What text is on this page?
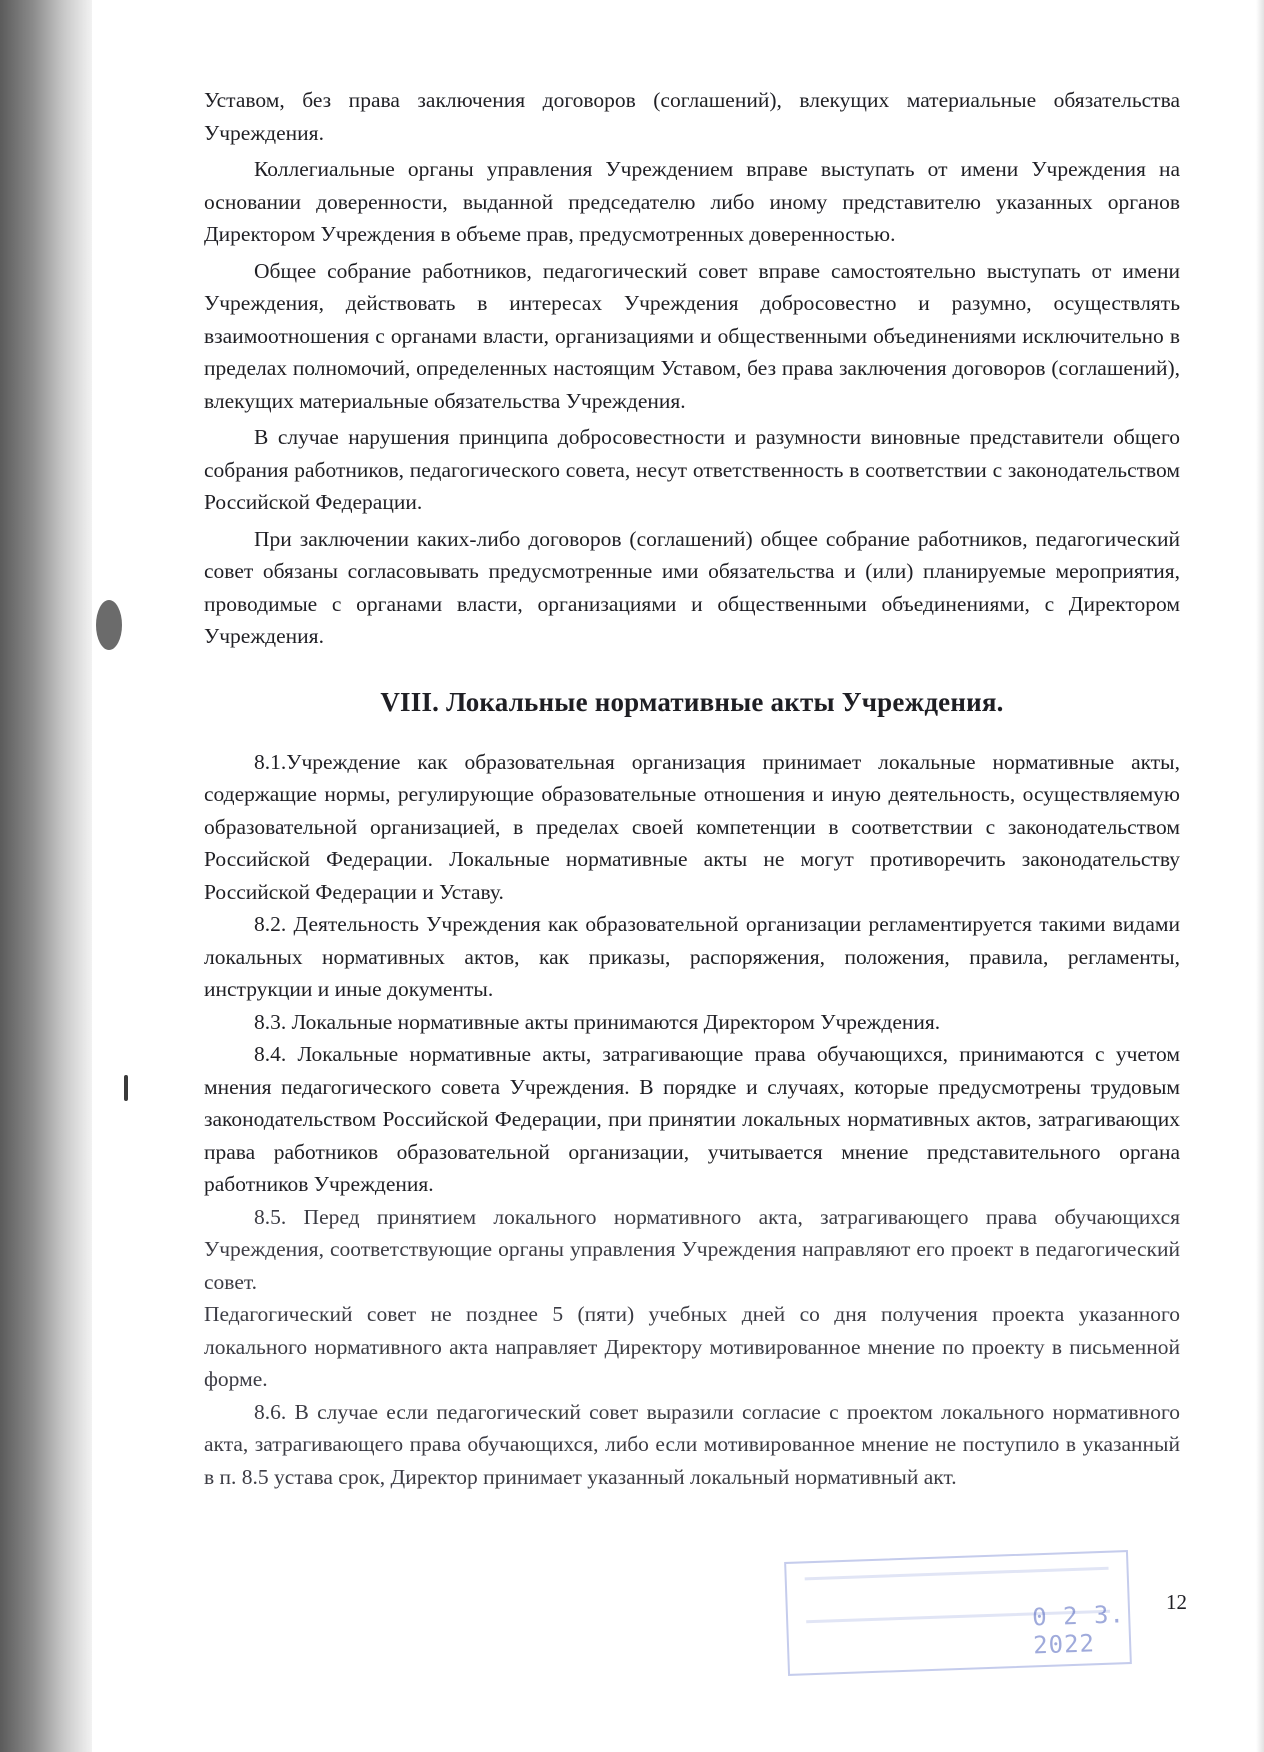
Уставом, без права заключения договоров (соглашений), влекущих материальные обязательства Учреждения.

Коллегиальные органы управления Учреждением вправе выступать от имени Учреждения на основании доверенности, выданной председателю либо иному представителю указанных органов Директором Учреждения в объеме прав, предусмотренных доверенностью.

Общее собрание работников, педагогический совет вправе самостоятельно выступать от имени Учреждения, действовать в интересах Учреждения добросовестно и разумно, осуществлять взаимоотношения с органами власти, организациями и общественными объединениями исключительно в пределах полномочий, определенных настоящим Уставом, без права заключения договоров (соглашений), влекущих материальные обязательства Учреждения.

В случае нарушения принципа добросовестности и разумности виновные представители общего собрания работников, педагогического совета, несут ответственность в соответствии с законодательством Российской Федерации.

При заключении каких-либо договоров (соглашений) общее собрание работников, педагогический совет обязаны согласовывать предусмотренные ими обязательства и (или) планируемые мероприятия, проводимые с органами власти, организациями и общественными объединениями, с Директором Учреждения.

VIII. Локальные нормативные акты Учреждения.

8.1.Учреждение как образовательная организация принимает локальные нормативные акты, содержащие нормы, регулирующие образовательные отношения и иную деятельность, осуществляемую образовательной организацией, в пределах своей компетенции в соответствии с законодательством Российской Федерации. Локальные нормативные акты не могут противоречить законодательству Российской Федерации и Уставу.

8.2. Деятельность Учреждения как образовательной организации регламентируется такими видами локальных нормативных актов, как приказы, распоряжения, положения, правила, регламенты, инструкции и иные документы.

8.3. Локальные нормативные акты принимаются Директором Учреждения.

8.4. Локальные нормативные акты, затрагивающие права обучающихся, принимаются с учетом мнения педагогического совета Учреждения. В порядке и случаях, которые предусмотрены трудовым законодательством Российской Федерации, при принятии локальных нормативных актов, затрагивающих права работников образовательной организации, учитывается мнение представительного органа работников Учреждения.

8.5. Перед принятием локального нормативного акта, затрагивающего права обучающихся Учреждения, соответствующие органы управления Учреждения направляют его проект в педагогический совет.

Педагогический совет не позднее 5 (пяти) учебных дней со дня получения проекта указанного локального нормативного акта направляет Директору мотивированное мнение по проекту в письменной форме.

8.6. В случае если педагогический совет выразили согласие с проектом локального нормативного акта, затрагивающего права обучающихся, либо если мотивированное мнение не поступило в указанный в п. 8.5 устава срок, Директор принимает указанный локальный нормативный акт.

0 2 3. 2022
12
